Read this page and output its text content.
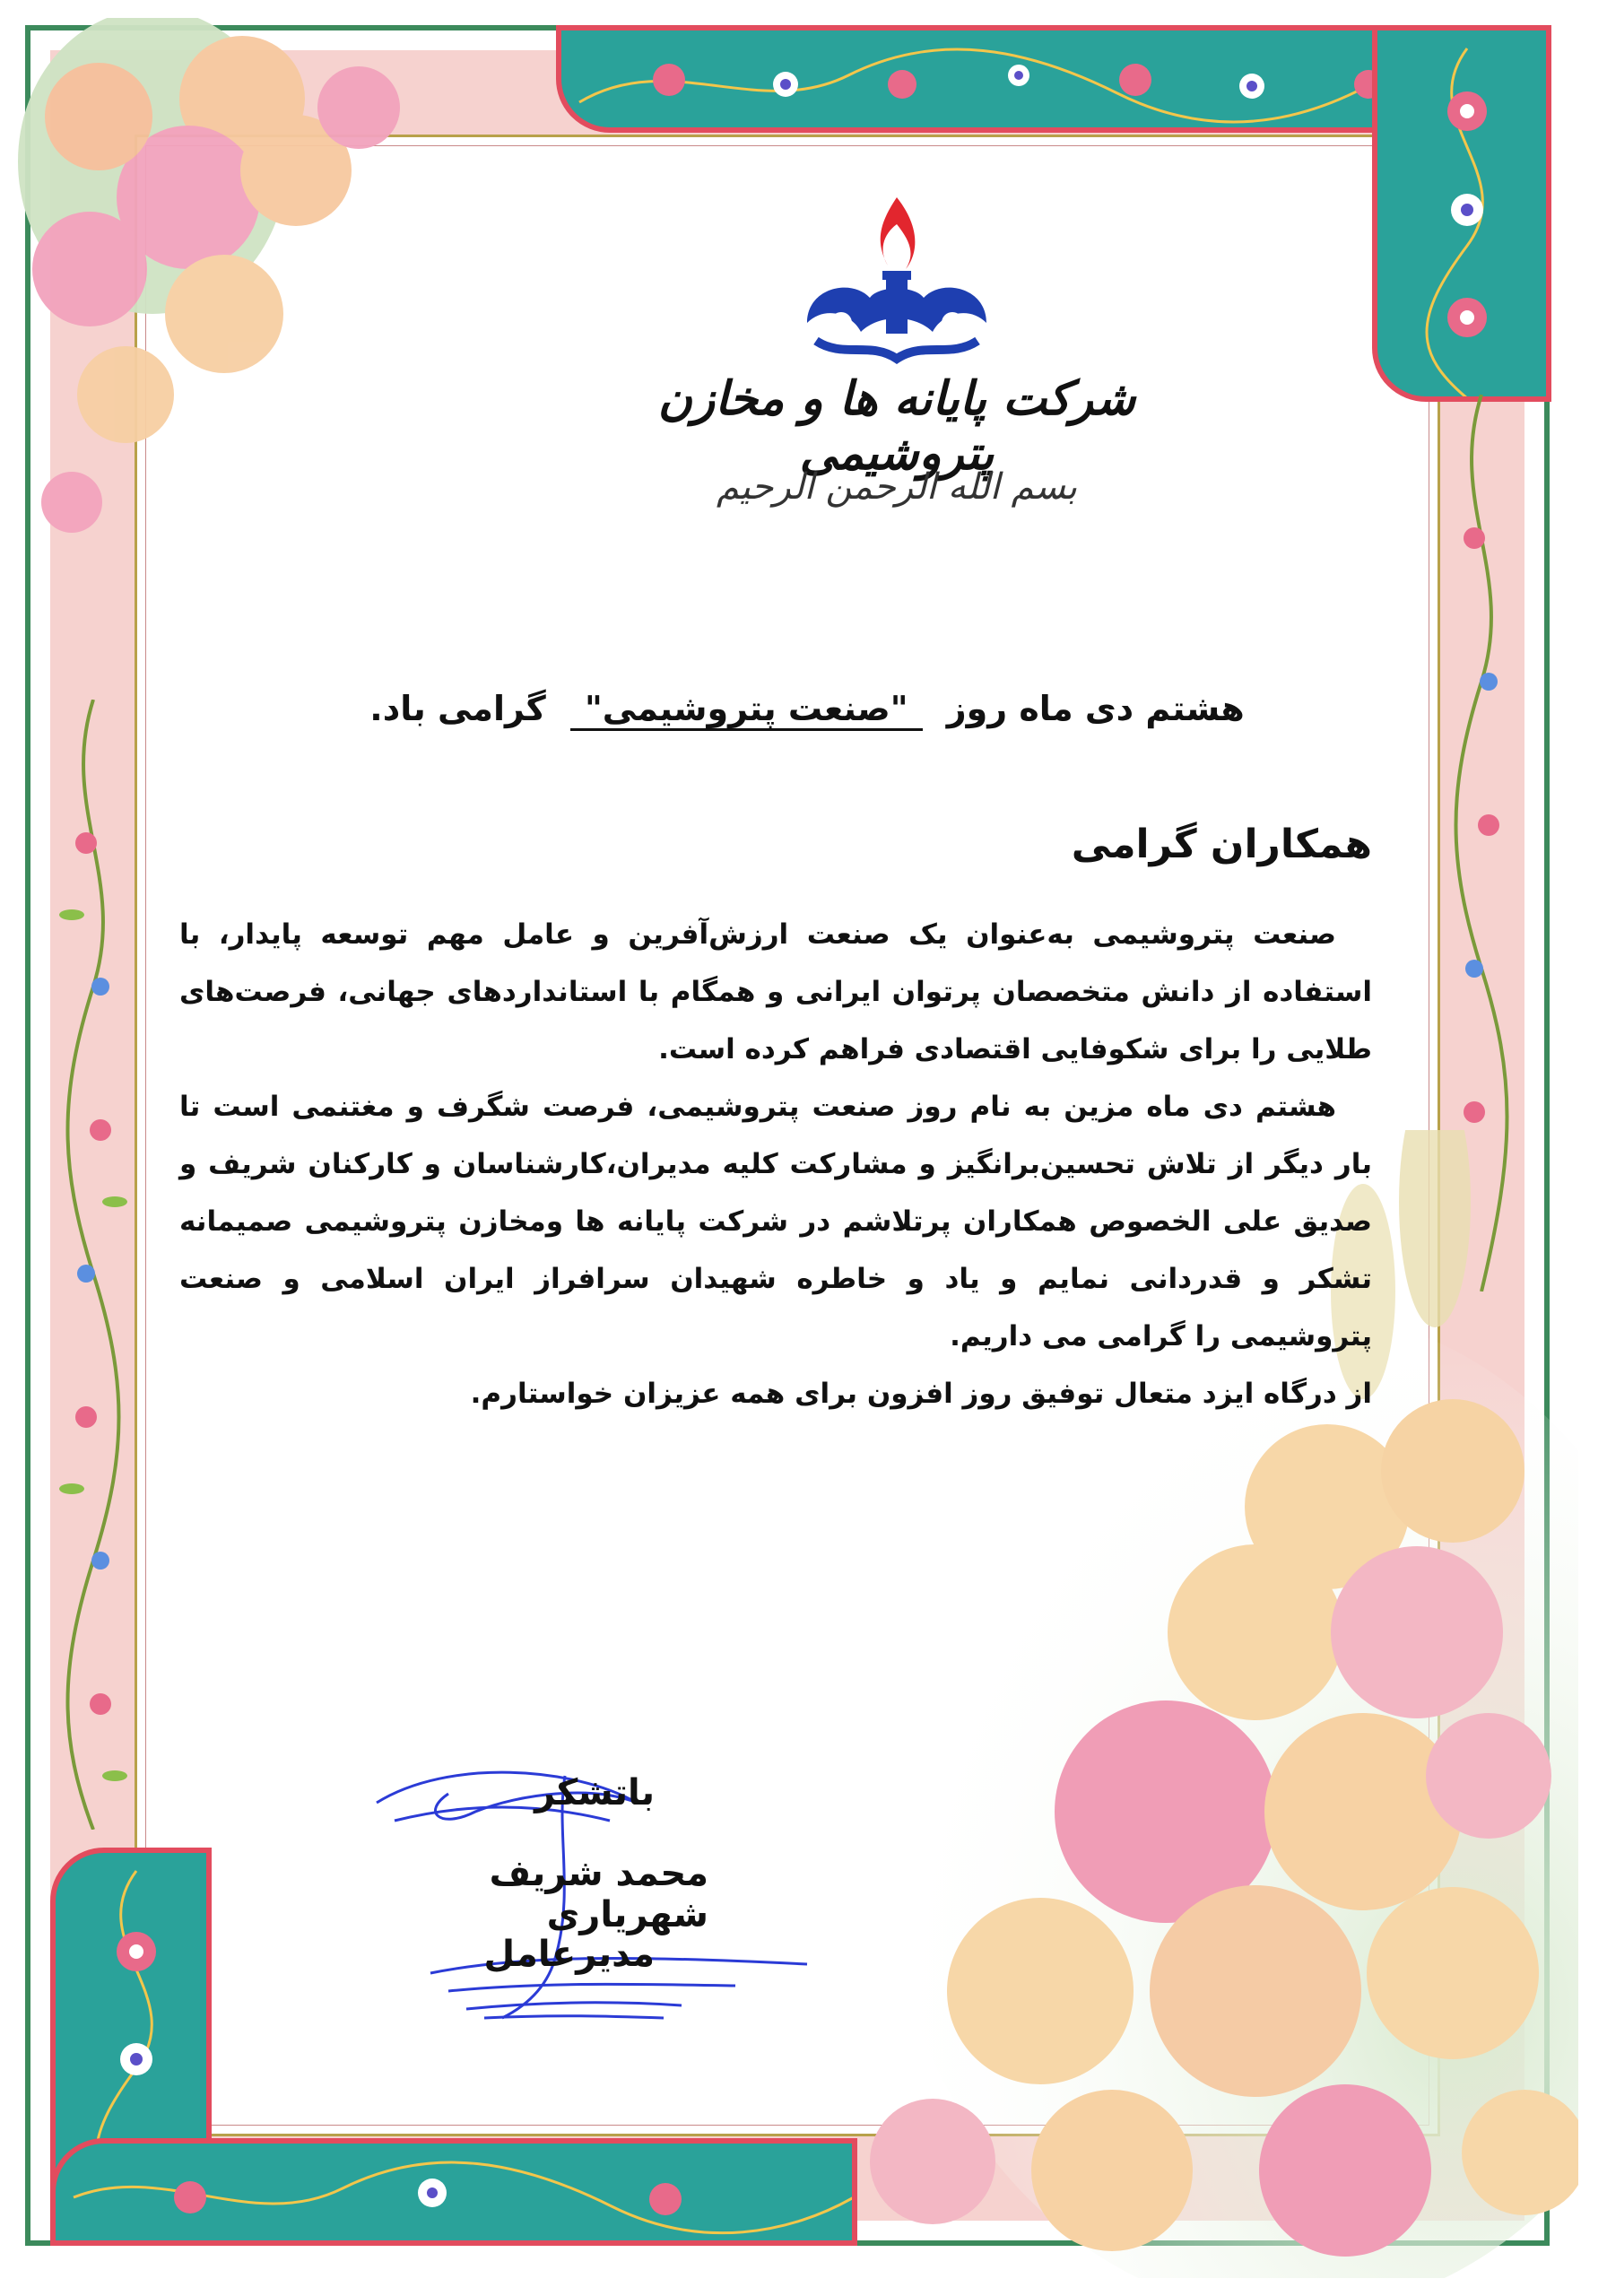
شرکت پایانه ها و مخازن پتروشیمی
بسم الله الرحمن الرحیم
هشتم دی ماه روز "صنعت پتروشیمی" گرامی باد.
همکاران گرامی

صنعت پتروشیمی به‌عنوان یک صنعت ارزش‌آفرین و عامل مهم توسعه پایدار، با استفاده از دانش متخصصان پرتوان ایرانی و همگام با استانداردهای جهانی، فرصت‌های طلایی را برای شکوفایی اقتصادی فراهم کرده است.

هشتم دی ماه مزین به نام روز صنعت پتروشیمی، فرصت شگرف و مغتنمی است تا بار دیگر از تلاش تحسین‌برانگیز و مشارکت کلیه مدیران،کارشناسان و کارکنان شریف و صدیق علی الخصوص همکاران پرتلاشم در شرکت پایانه ها ومخازن پتروشیمی صمیمانه تشکر و قدردانی نمایم و یاد و خاطره شهیدان سرافراز ایران اسلامی و صنعت پتروشیمی را گرامی می داریم.

از درگاه ایزد متعال توفیق روز افزون برای همه عزیزان خواستارم.

باتشکر
محمد شریف شهریاری
مدیرعامل
